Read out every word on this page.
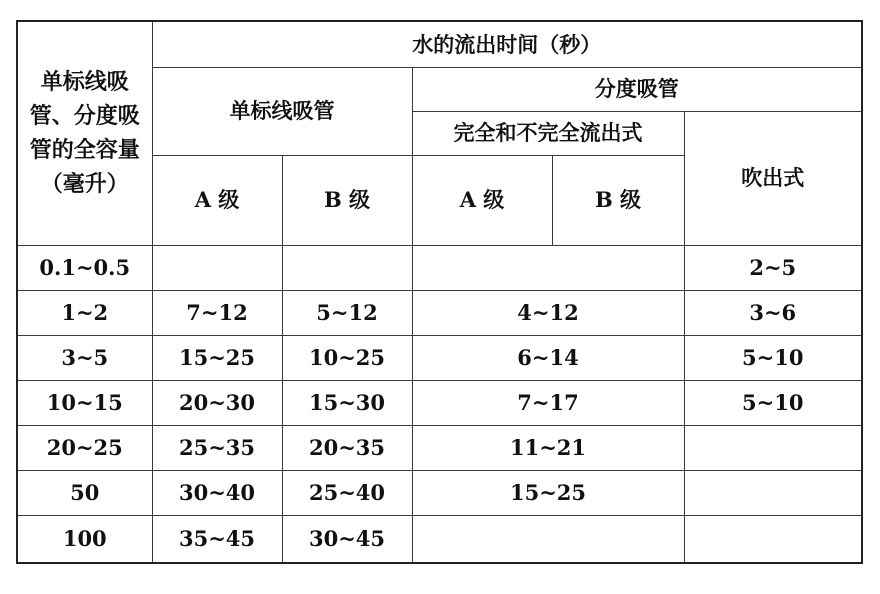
单标线吸管、分度吸管的全容量（毫升）	水的流出时间（秒）				
	单标线吸管		分度吸管		
			完全和不完全流出式		吹出式
	A 级	B 级	A 级	B 级	
0.1~0.5					2~5
1~2	7~12	5~12	4~12		3~6
3~5	15~25	10~25	6~14		5~10
10~15	20~30	15~30	7~17		5~10
20~25	25~35	20~35	11~21		
50	30~40	25~40	15~25		
100	35~45	30~45			
